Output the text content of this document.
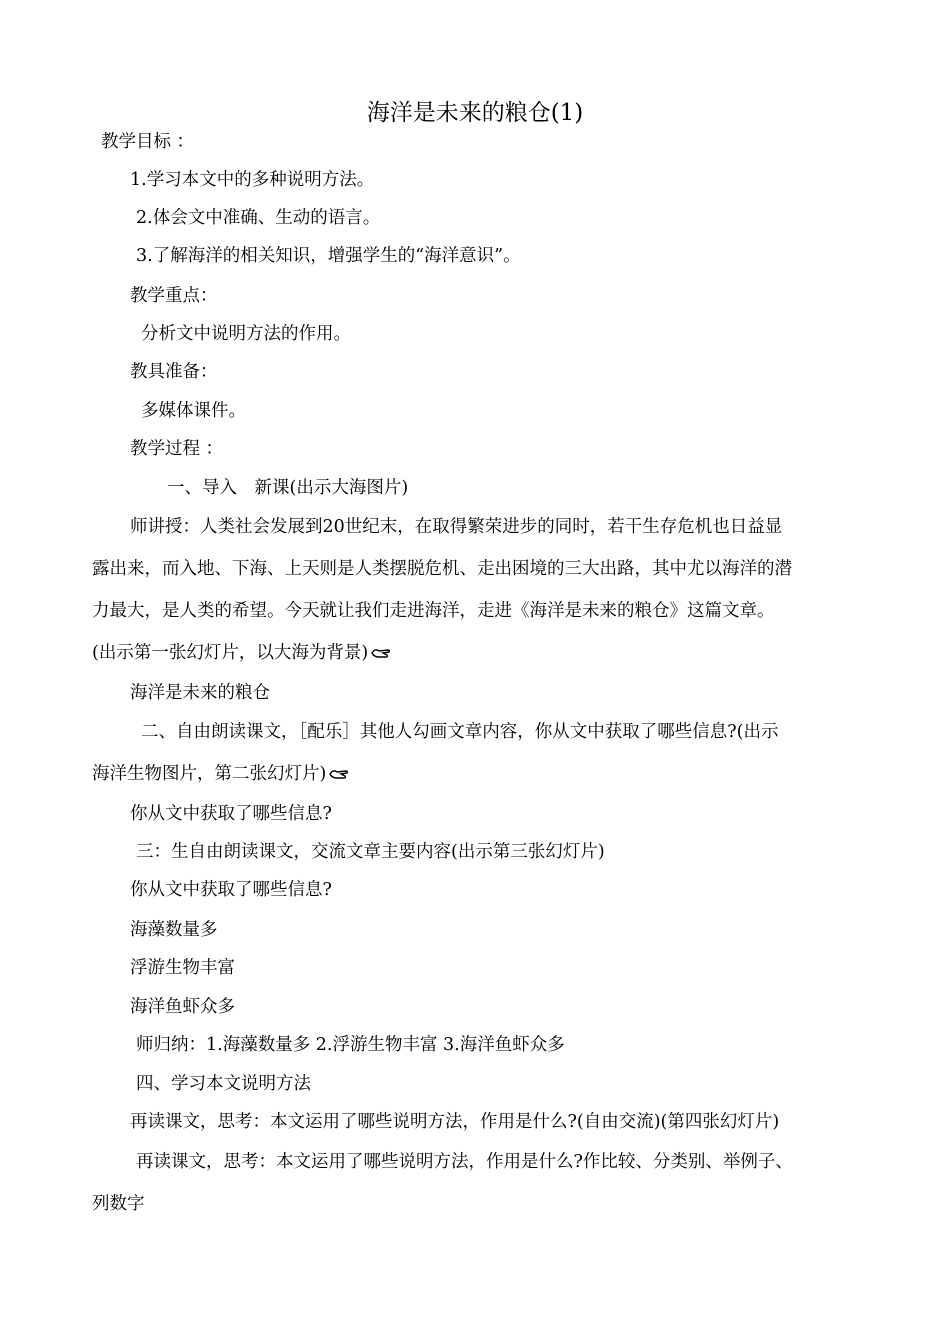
海洋是未来的粮仓(1)
教学目标 ：
1.学习本文中的多种说明方法。
2.体会文中准确、生动的语言。
3.了解海洋的相关知识，增强学生的“海洋意识”。
教学重点：
分析文中说明方法的作用。
教具准备：
多媒体课件。
教学过程 ：
一、导入　新课(出示大海图片)
师讲授：人类社会发展到20世纪末，在取得繁荣进步的同时，若干生存危机也日益显
露出来，而入地、下海、上天则是人类摆脱危机、走出困境的三大出路，其中尤以海洋的潜
力最大，是人类的希望。今天就让我们走进海洋，走进《海洋是未来的粮仓》这篇文章。
(出示第一张幻灯片，以大海为背景)
海洋是未来的粮仓
二、自由朗读课文，［配乐］其他人勾画文章内容，你从文中获取了哪些信息?(出示
海洋生物图片，第二张幻灯片)
你从文中获取了哪些信息?
三：生自由朗读课文，交流文章主要内容(出示第三张幻灯片)
你从文中获取了哪些信息?
海藻数量多
浮游生物丰富
海洋鱼虾众多
师归纳：1.海藻数量多 2.浮游生物丰富 3.海洋鱼虾众多
四、学习本文说明方法
再读课文，思考：本文运用了哪些说明方法，作用是什么?(自由交流)(第四张幻灯片)
再读课文，思考：本文运用了哪些说明方法，作用是什么?作比较、分类别、举例子、
列数字
